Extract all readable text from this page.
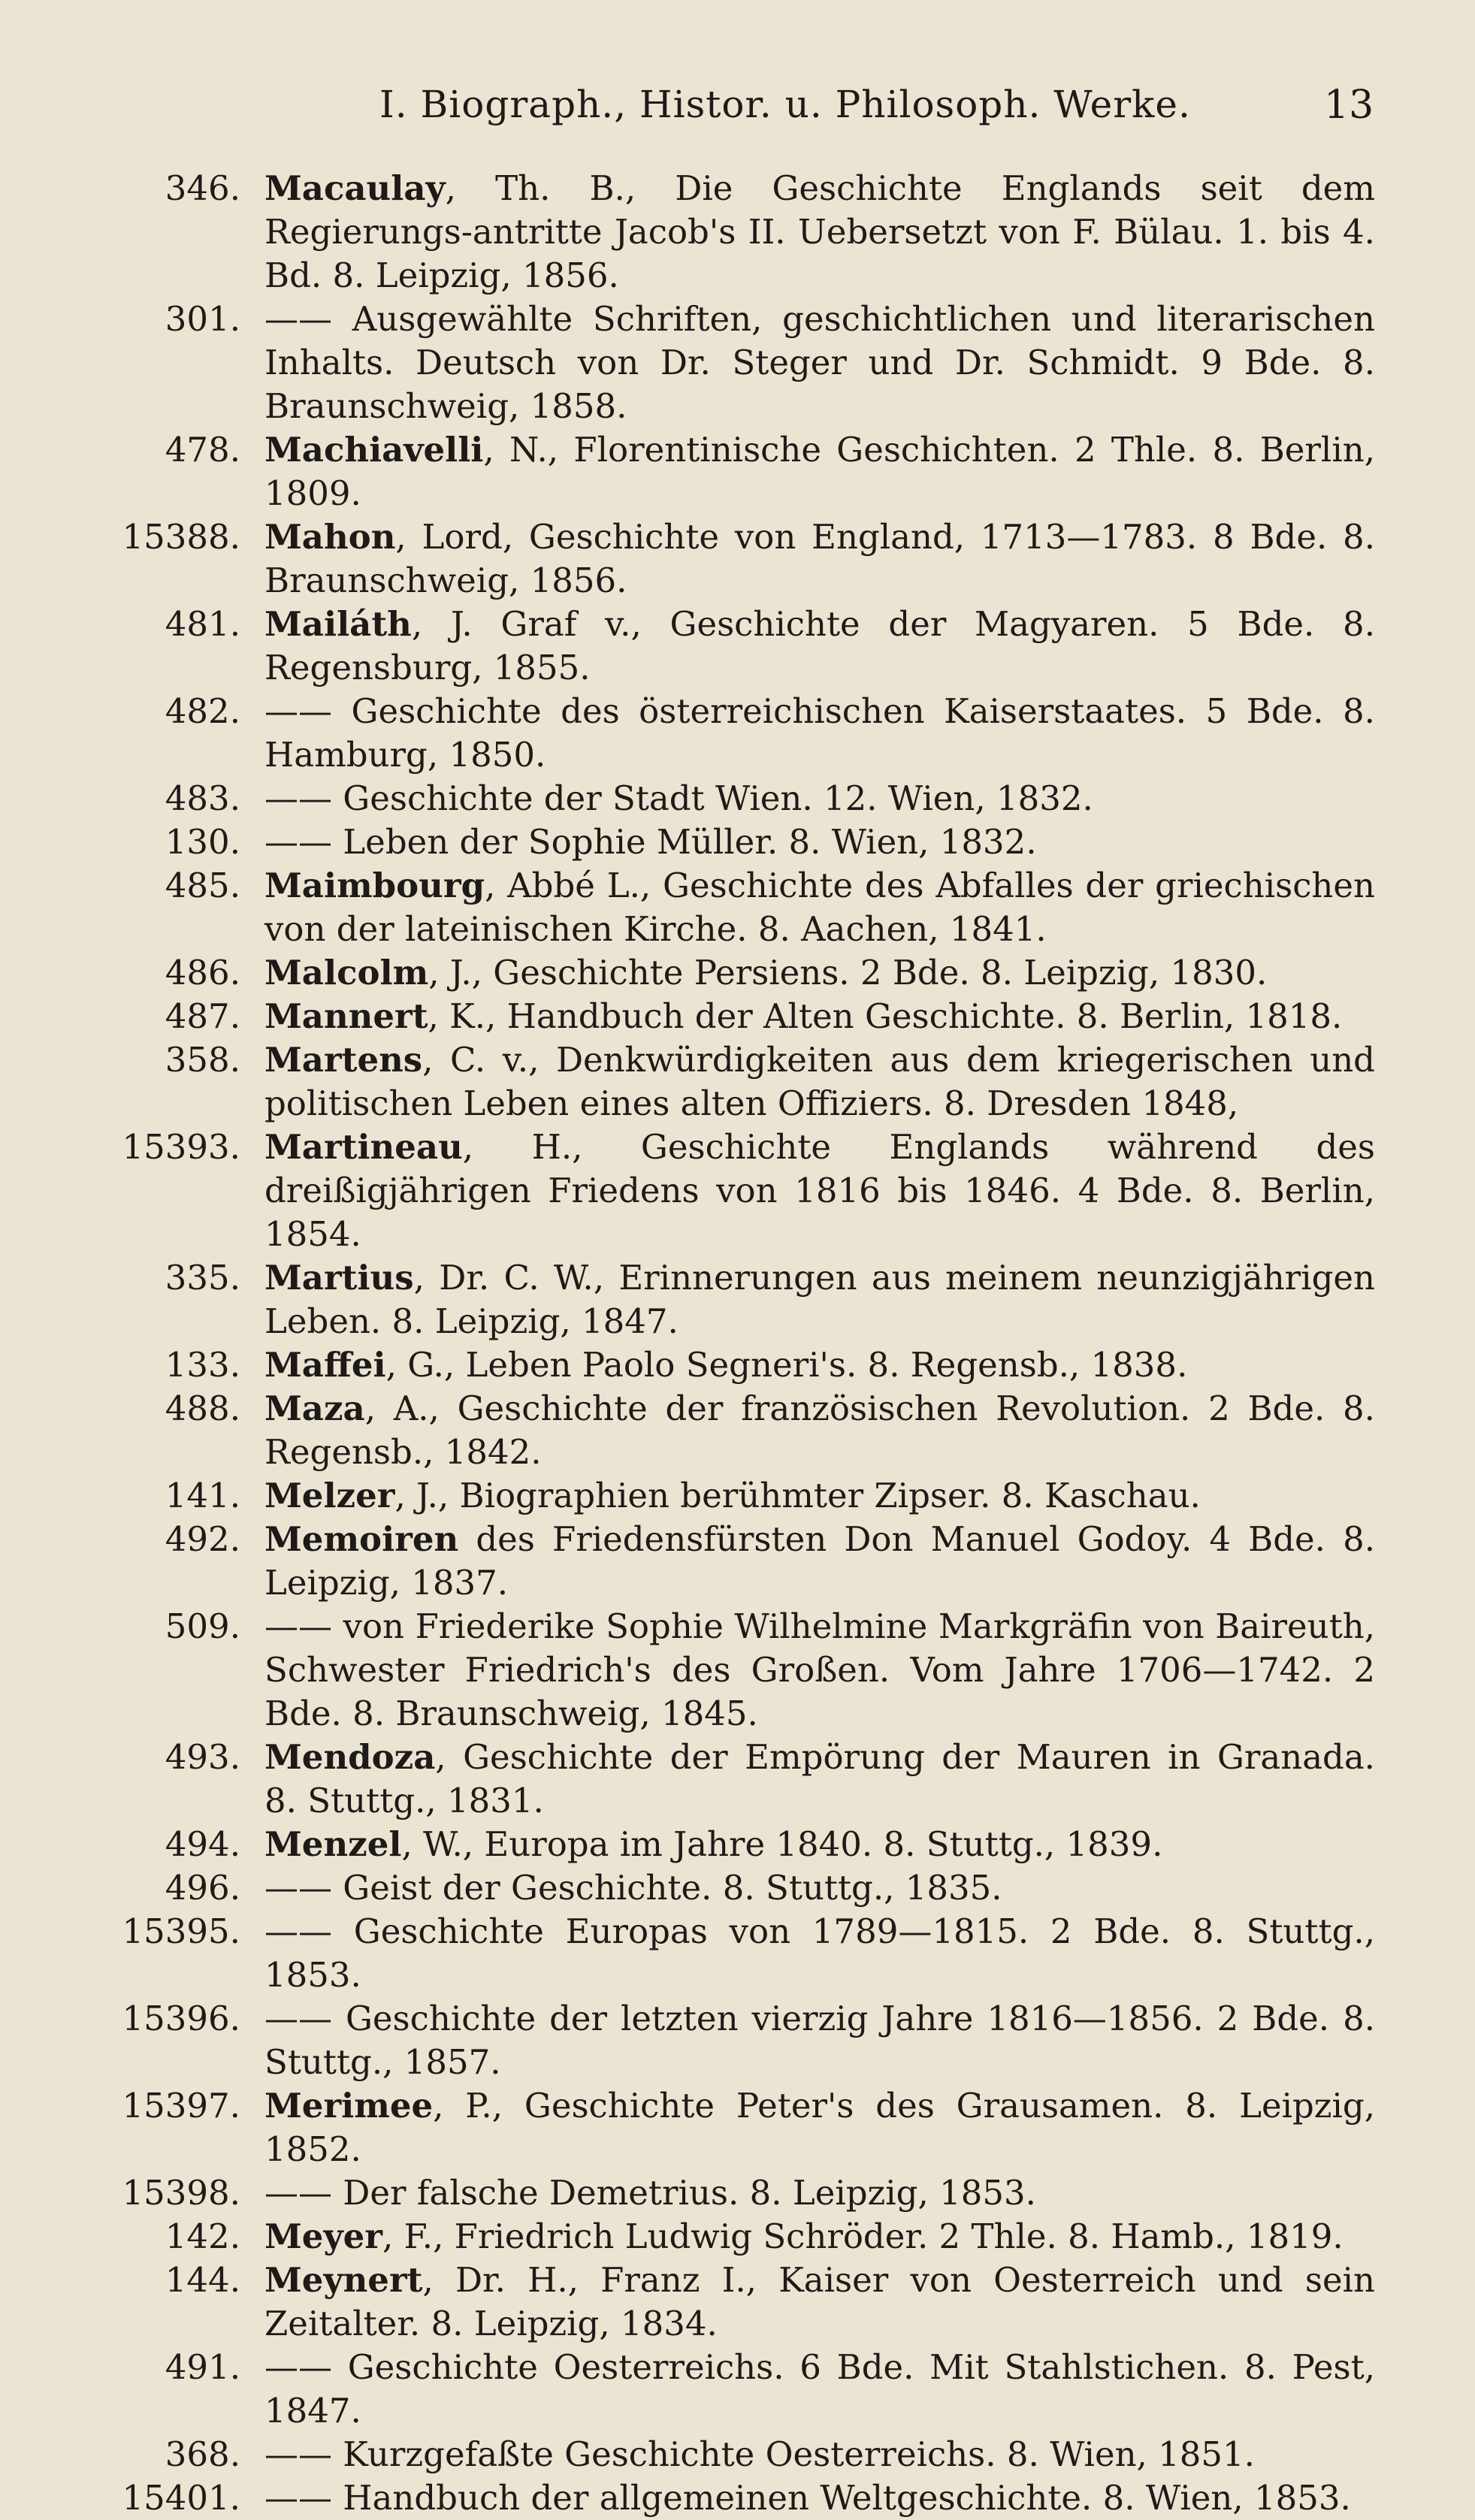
I. Biograph., Histor. u. Philosoph. Werke.	13
346. Macaulay, Th. B., Die Geschichte Englands seit dem Regierungs-antritte Jacob's II. Uebersetzt von F. Bülau. 1. bis 4. Bd. 8. Leipzig, 1856.
301. —— Ausgewählte Schriften, geschichtlichen und literarischen Inhalts. Deutsch von Dr. Steger und Dr. Schmidt. 9 Bde. 8. Braunschweig, 1858.
478. Machiavelli, N., Florentinische Geschichten. 2 Thle. 8. Berlin, 1809.
15388. Mahon, Lord, Geschichte von England, 1713—1783. 8 Bde. 8. Braunschweig, 1856.
481. Mailáth, J. Graf v., Geschichte der Magyaren. 5 Bde. 8. Regensburg, 1855.
482. —— Geschichte des österreichischen Kaiserstaates. 5 Bde. 8. Hamburg, 1850.
483. —— Geschichte der Stadt Wien. 12. Wien, 1832.
130. —— Leben der Sophie Müller. 8. Wien, 1832.
485. Maimbourg, Abbé L., Geschichte des Abfalles der griechischen von der lateinischen Kirche. 8. Aachen, 1841.
486. Malcolm, J., Geschichte Persiens. 2 Bde. 8. Leipzig, 1830.
487. Mannert, K., Handbuch der Alten Geschichte. 8. Berlin, 1818.
358. Martens, C. v., Denkwürdigkeiten aus dem kriegerischen und politischen Leben eines alten Offiziers. 8. Dresden 1848,
15393. Martineau, H., Geschichte Englands während des dreißigjährigen Friedens von 1816 bis 1846. 4 Bde. 8. Berlin, 1854.
335. Martius, Dr. C. W., Erinnerungen aus meinem neunzigjährigen Leben. 8. Leipzig, 1847.
133. Maffei, G., Leben Paolo Segneri's. 8. Regensb., 1838.
488. Maza, A., Geschichte der französischen Revolution. 2 Bde. 8. Regensb., 1842.
141. Melzer, J., Biographien berühmter Zipser. 8. Kaschau.
492. Memoiren des Friedensfürsten Don Manuel Godoy. 4 Bde. 8. Leipzig, 1837.
509. —— von Friederike Sophie Wilhelmine Markgräfin von Baireuth, Schwester Friedrich's des Großen. Vom Jahre 1706—1742. 2 Bde. 8. Braunschweig, 1845.
493. Mendoza, Geschichte der Empörung der Mauren in Granada. 8. Stuttg., 1831.
494. Menzel, W., Europa im Jahre 1840. 8. Stuttg., 1839.
496. —— Geist der Geschichte. 8. Stuttg., 1835.
15395. —— Geschichte Europas von 1789—1815. 2 Bde. 8. Stuttg., 1853.
15396. —— Geschichte der letzten vierzig Jahre 1816—1856. 2 Bde. 8. Stuttg., 1857.
15397. Merimee, P., Geschichte Peter's des Grausamen. 8. Leipzig, 1852.
15398. —— Der falsche Demetrius. 8. Leipzig, 1853.
142. Meyer, F., Friedrich Ludwig Schröder. 2 Thle. 8. Hamb., 1819.
144. Meynert, Dr. H., Franz I., Kaiser von Oesterreich und sein Zeitalter. 8. Leipzig, 1834.
491. —— Geschichte Oesterreichs. 6 Bde. Mit Stahlstichen. 8. Pest, 1847.
368. —— Kurzgefaßte Geschichte Oesterreichs. 8. Wien, 1851.
15401. —— Handbuch der allgemeinen Weltgeschichte. 8. Wien, 1853.
